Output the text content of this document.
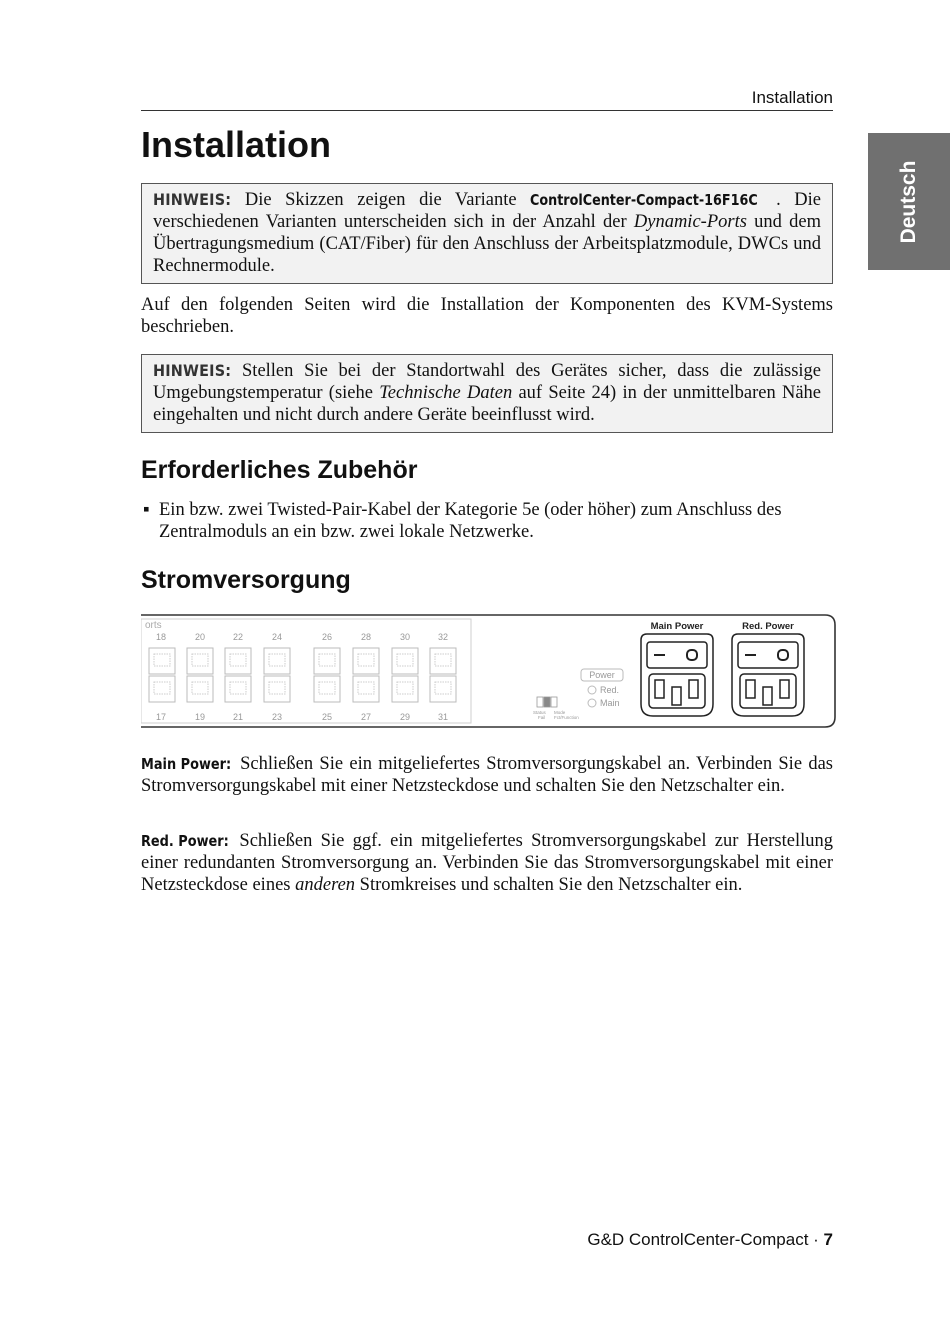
Installation
Deutsch
Installation
HINWEIS: Die Skizzen zeigen die Variante ControlCenter-Compact-16F16C . Die verschiedenen Varianten unterscheiden sich in der Anzahl der Dynamic-Ports und dem Übertragungsmedium (CAT/Fiber) für den Anschluss der Arbeitsplatzmodule, DWCs und Rechnermodule.

Auf den folgenden Seiten wird die Installation der Komponenten des KVM-Systems beschrieben.

HINWEIS: Stellen Sie bei der Standortwahl des Gerätes sicher, dass die zulässige Umgebungstemperatur (siehe Technische Daten auf Seite 24) in der unmittelbaren Nähe eingehalten und nicht durch andere Geräte beeinflusst wird.
Erforderliches Zubehör
▪ Ein bzw. zwei Twisted-Pair-Kabel der Kategorie 5e (oder höher) zum Anschluss des Zentralmoduls an ein bzw. zwei lokale Netzwerke.
Stromversorgung
orts
18	20	22	24	26	28	30	32
17	19	21	23	25	27	29	31
Power
Red.
Main
Status
Fail
Mode
Fct/Function
Main Power	Red. Power

Main Power: Schließen Sie ein mitgeliefertes Stromversorgungskabel an. Verbinden Sie das Stromversorgungskabel mit einer Netzsteckdose und schalten Sie den Netzschalter ein.

Red. Power: Schließen Sie ggf. ein mitgeliefertes Stromversorgungskabel zur Herstellung einer redundanten Stromversorgung an. Verbinden Sie das Stromversorgungskabel mit einer Netzsteckdose eines anderen Stromkreises und schalten Sie den Netzschalter ein.

G&D ControlCenter-Compact · 7
